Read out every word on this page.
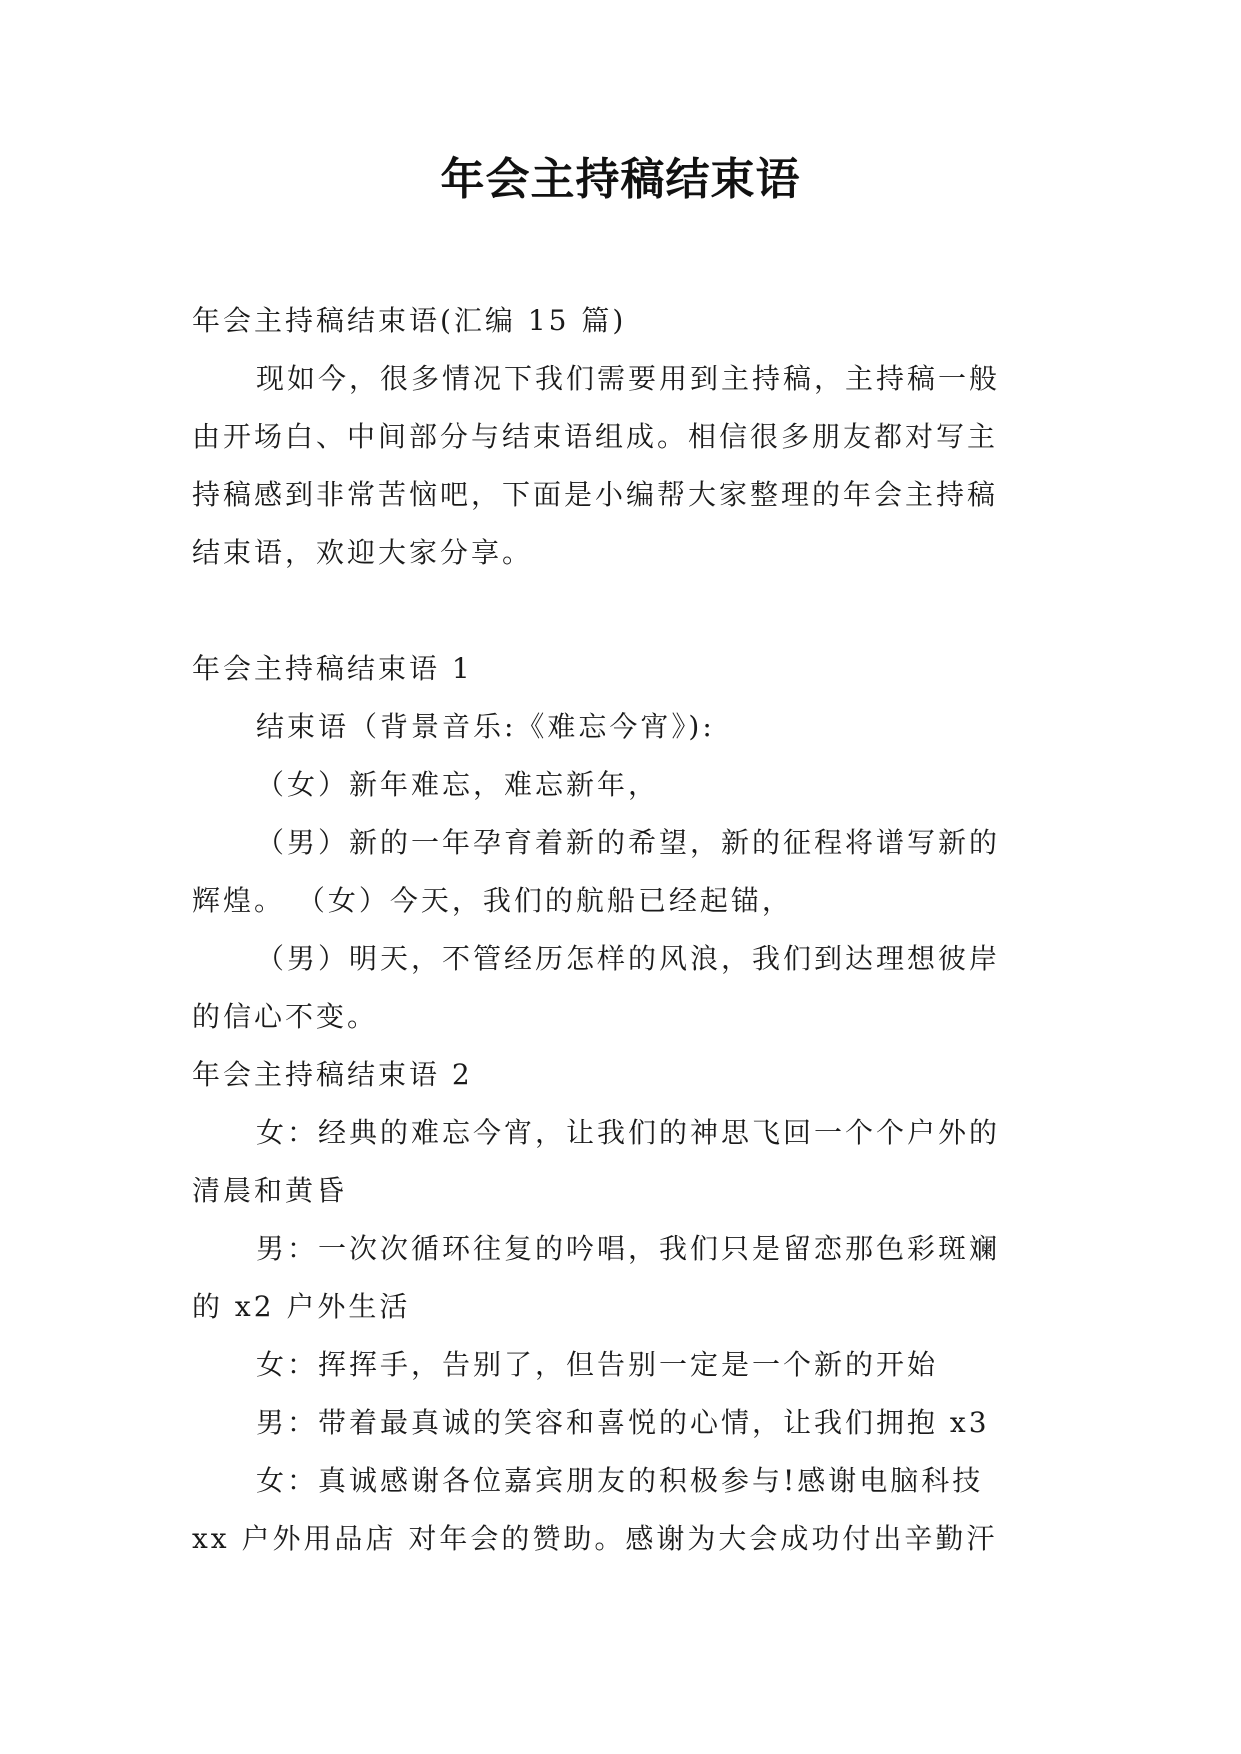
年会主持稿结束语
年会主持稿结束语(汇编 15 篇)
现如今，很多情况下我们需要用到主持稿，主持稿一般
由开场白、中间部分与结束语组成。相信很多朋友都对写主
持稿感到非常苦恼吧，下面是小编帮大家整理的年会主持稿
结束语，欢迎大家分享。
年会主持稿结束语 1
结束语（背景音乐:《难忘今宵》):
（女）新年难忘，难忘新年，
（男）新的一年孕育着新的希望，新的征程将谱写新的
辉煌。 （女）今天，我们的航船已经起锚，
（男）明天，不管经历怎样的风浪，我们到达理想彼岸
的信心不变。
年会主持稿结束语 2
女：经典的难忘今宵，让我们的神思飞回一个个户外的
清晨和黄昏
男：一次次循环往复的吟唱，我们只是留恋那色彩斑斓
的 x2 户外生活
女：挥挥手，告别了，但告别一定是一个新的开始
男：带着最真诚的笑容和喜悦的心情，让我们拥抱 x3
女：真诚感谢各位嘉宾朋友的积极参与!感谢电脑科技
xx 户外用品店 对年会的赞助。感谢为大会成功付出辛勤汗
